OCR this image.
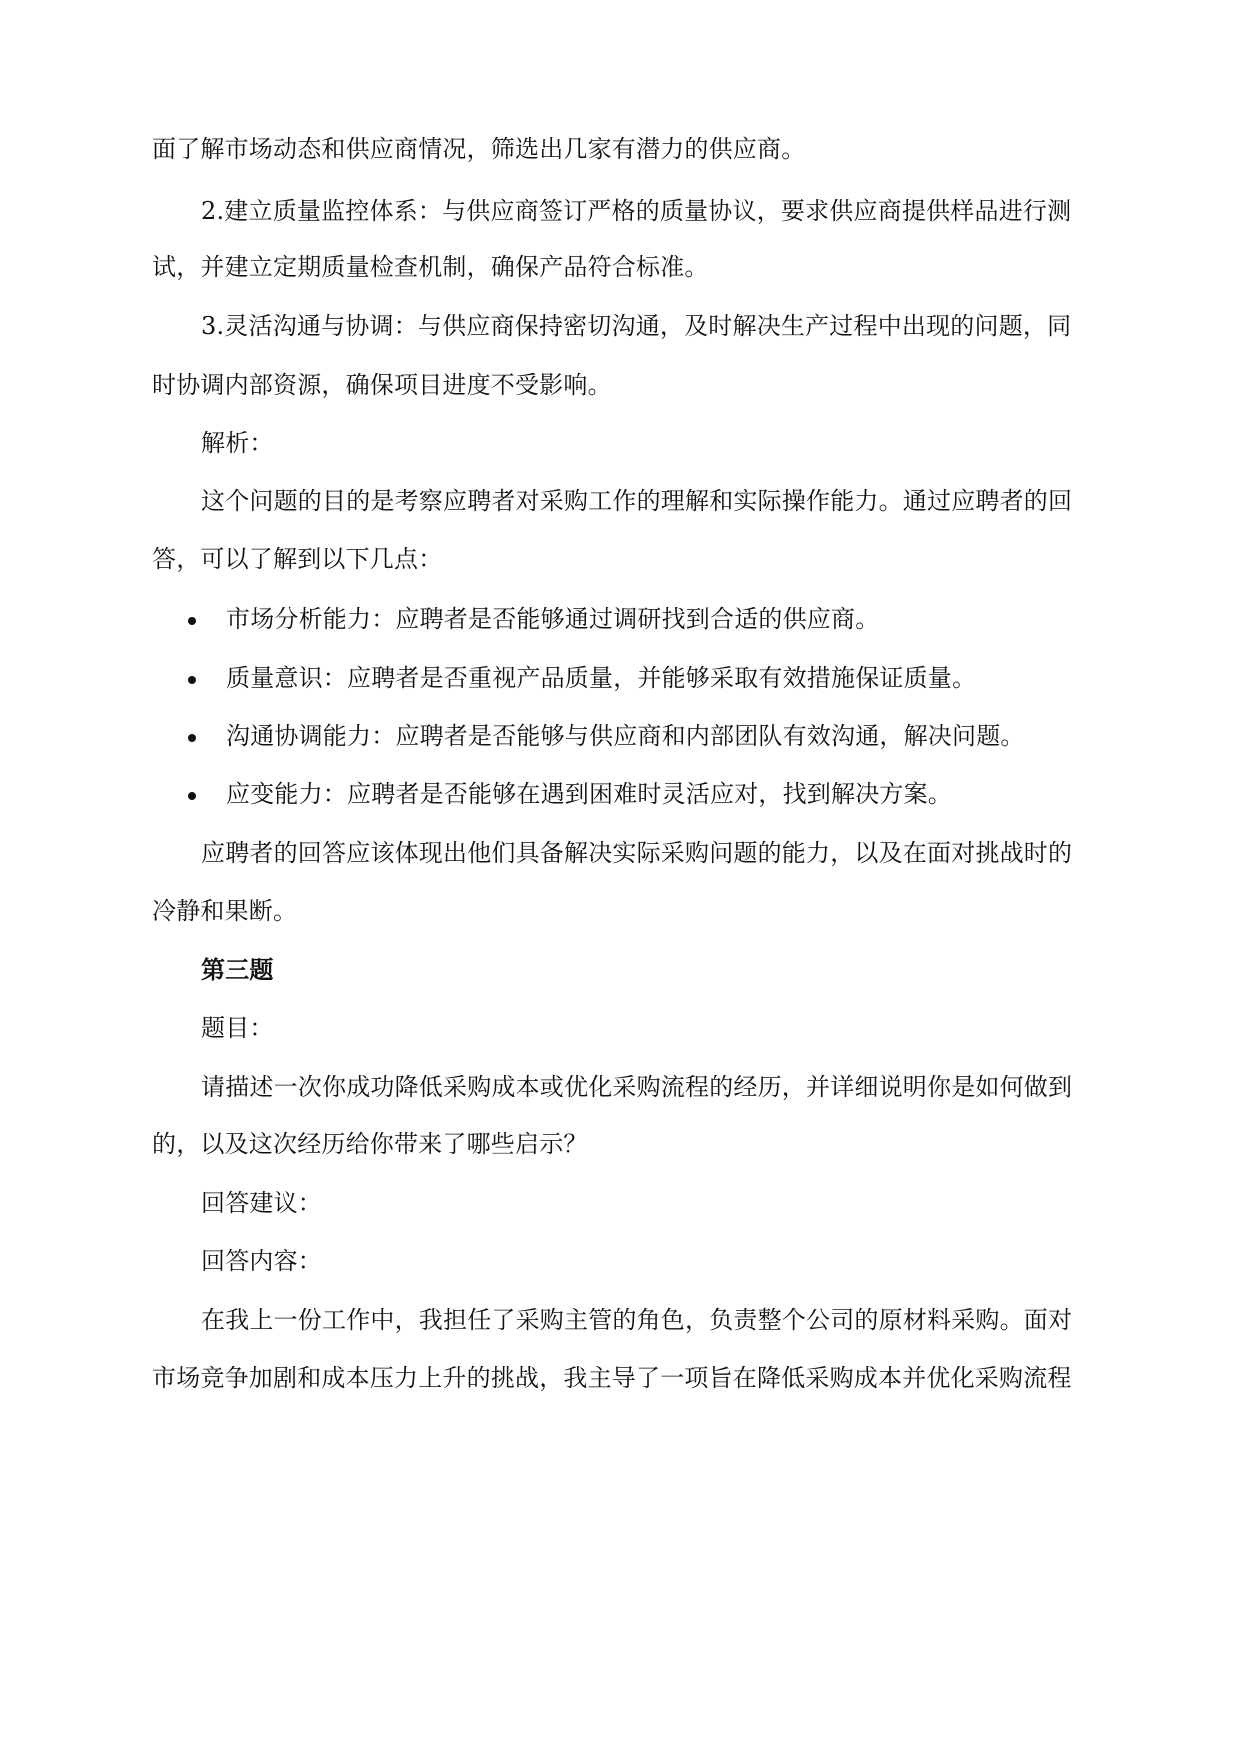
面了解市场动态和供应商情况，筛选出几家有潜力的供应商。
2.建立质量监控体系：与供应商签订严格的质量协议，要求供应商提供样品进行测
试，并建立定期质量检查机制，确保产品符合标准。
3.灵活沟通与协调：与供应商保持密切沟通，及时解决生产过程中出现的问题，同
时协调内部资源，确保项目进度不受影响。
解析：
这个问题的目的是考察应聘者对采购工作的理解和实际操作能力。通过应聘者的回
答，可以了解到以下几点：
市场分析能力：应聘者是否能够通过调研找到合适的供应商。
质量意识：应聘者是否重视产品质量，并能够采取有效措施保证质量。
沟通协调能力：应聘者是否能够与供应商和内部团队有效沟通，解决问题。
应变能力：应聘者是否能够在遇到困难时灵活应对，找到解决方案。
应聘者的回答应该体现出他们具备解决实际采购问题的能力，以及在面对挑战时的
冷静和果断。
第三题
题目：
请描述一次你成功降低采购成本或优化采购流程的经历，并详细说明你是如何做到
的，以及这次经历给你带来了哪些启示？
回答建议：
回答内容：
在我上一份工作中，我担任了采购主管的角色，负责整个公司的原材料采购。面对
市场竞争加剧和成本压力上升的挑战，我主导了一项旨在降低采购成本并优化采购流程
